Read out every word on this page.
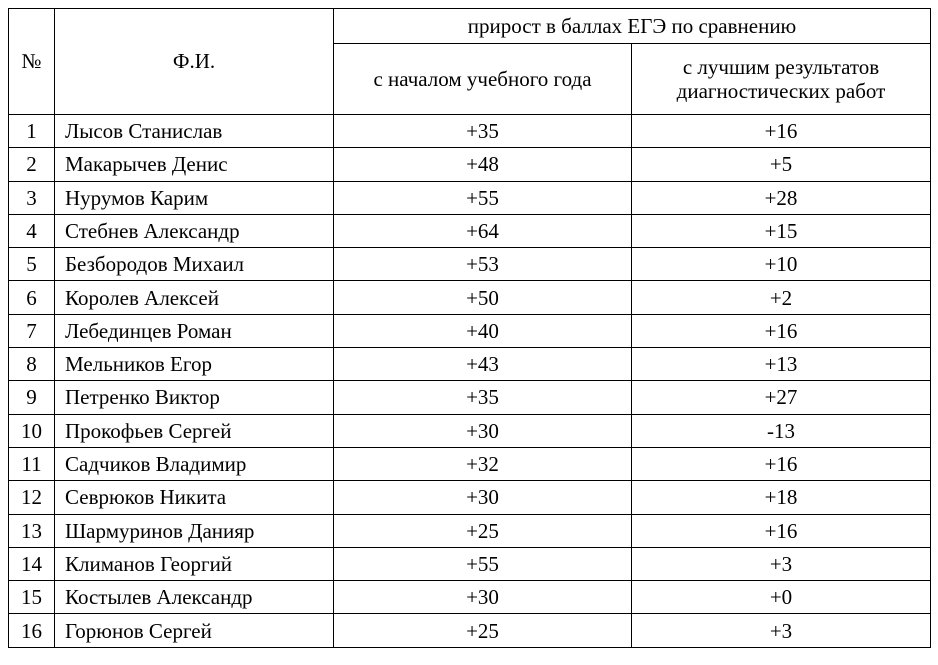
№	Ф.И.	прирост в баллах ЕГЭ по сравнению	
		с началом учебного года	с лучшим результатов диагностических работ
1	Лысов Станислав	+35	+16
2	Макарычев Денис	+48	+5
3	Нурумов Карим	+55	+28
4	Стебнев Александр	+64	+15
5	Безбородов Михаил	+53	+10
6	Королев Алексей	+50	+2
7	Лебединцев Роман	+40	+16
8	Мельников Егор	+43	+13
9	Петренко Виктор	+35	+27
10	Прокофьев Сергей	+30	-13
11	Садчиков Владимир	+32	+16
12	Севрюков Никита	+30	+18
13	Шармуринов Данияр	+25	+16
14	Климанов Георгий	+55	+3
15	Костылев Александр	+30	+0
16	Горюнов Сергей	+25	+3
